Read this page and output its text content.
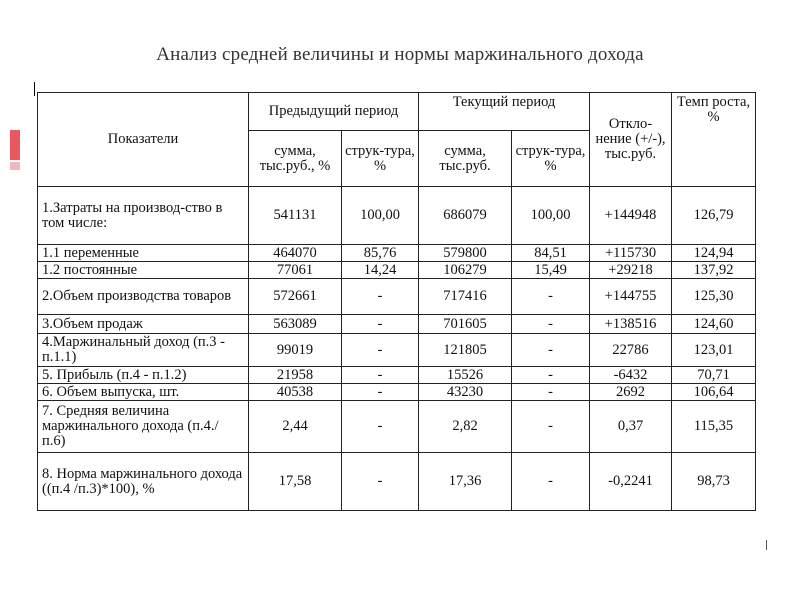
Анализ средней величины и нормы маржинального дохода
Показатели	Предыдущий период		Текущий период		Откло-нение (+/-), тыс.руб.	Темп роста, %
	сумма, тыс.руб., %	струк-тура, %	сумма, тыс.руб.	струк-тура, %		
1.Затраты на производ-ство в том числе:	541131	100,00	686079	100,00	+144948	126,79
1.1 переменные	464070	85,76	579800	84,51	+115730	124,94
1.2 постоянные	77061	14,24	106279	15,49	+29218	137,92
2.Объем производства товаров	572661	-	717416	-	+144755	125,30
3.Объем продаж	563089	-	701605	-	+138516	124,60
4.Маржинальный доход (п.3 - п.1.1)	99019	-	121805	-	22786	123,01
5. Прибыль (п.4 - п.1.2)	21958	-	15526	-	-6432	70,71
6. Объем выпуска, шт.	40538	-	43230	-	2692	106,64
7. Средняя величина маржинального дохода (п.4./ п.6)	2,44	-	2,82	-	0,37	115,35
8. Норма маржинального дохода ((п.4 /п.3)*100), %	17,58	-	17,36	-	-0,2241	98,73
